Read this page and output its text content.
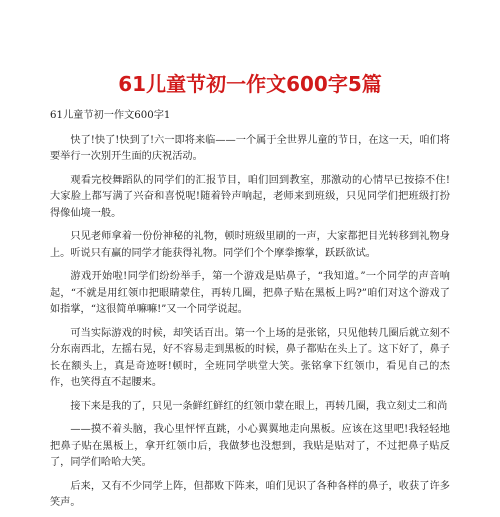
61儿童节初一作文600字5篇

61儿童节初一作文600字1

快了!快了!快到了!六一即将来临——一个属于全世界儿童的节日，在这一天，咱们将要举行一次别开生面的庆祝活动。

观看完校舞蹈队的同学们的汇报节目，咱们回到教室，那激动的心情早已按捺不住!大家脸上都写满了兴奋和喜悦呢!随着铃声响起，老师来到班级，只见同学们把班级打扮得像仙境一般。

只见老师拿着一份份神秘的礼物，顿时班级里刷的一声，大家都把目光转移到礼物身上。听说只有赢的同学才能获得礼物。同学们个个摩拳擦掌，跃跃欲试。

游戏开始啦!同学们纷纷举手，第一个游戏是贴鼻子，“我知道。”一个同学的声音响起，“不就是用红领巾把眼睛蒙住，再转几圈，把鼻子贴在黑板上吗?”咱们对这个游戏了如指掌，“这很简单嘛嘛!”又一个同学说起。

可当实际游戏的时候，却笑话百出。第一个上场的是张铭，只见他转几圈后就立刻不分东南西北，左摇右晃，好不容易走到黑板的时候，鼻子都贴在头上了。这下好了，鼻子长在额头上，真是奇迹呀!顿时，全班同学哄堂大笑。张铭拿下红领巾，看见自己的杰作，也笑得直不起腰来。

接下来是我的了，只见一条鲜红鲜红的红领巾蒙在眼上，再转几圈，我立刻丈二和尚

——摸不着头脑，我心里怦怦直跳，小心翼翼地走向黑板。应该在这里吧!我轻轻地把鼻子贴在黑板上，拿开红领巾后，我做梦也没想到，我贴是贴对了，不过把鼻子贴反了，同学们哈哈大笑。

后来，又有不少同学上阵，但都败下阵来，咱们见识了各种各样的鼻子，收获了许多笑声。
